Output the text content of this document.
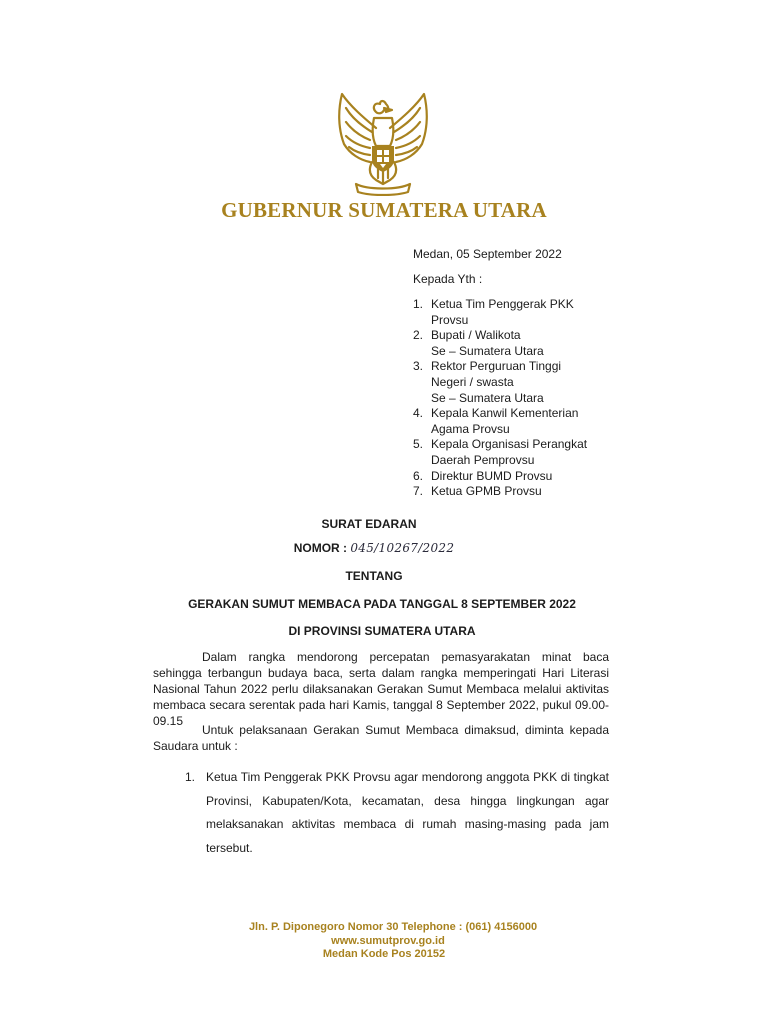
GUBERNUR SUMATERA UTARA
Medan, 05 September 2022
Kepada Yth :
1. Ketua Tim Penggerak PKK
Provsu
2. Bupati / Walikota
Se – Sumatera Utara
3. Rektor Perguruan Tinggi
Negeri / swasta
Se – Sumatera Utara
4. Kepala Kanwil Kementerian
Agama Provsu
5. Kepala Organisasi Perangkat
Daerah Pemprovsu
6. Direktur BUMD Provsu
7. Ketua GPMB Provsu
SURAT EDARAN
NOMOR : 045/10267/2022
TENTANG
GERAKAN SUMUT MEMBACA PADA TANGGAL 8 SEPTEMBER 2022
DI PROVINSI SUMATERA UTARA

Dalam rangka mendorong percepatan pemasyarakatan minat baca sehingga terbangun budaya baca, serta dalam rangka memperingati Hari Literasi Nasional Tahun 2022 perlu dilaksanakan Gerakan Sumut Membaca melalui aktivitas membaca secara serentak pada hari Kamis, tanggal 8 September 2022, pukul 09.00-09.15

Untuk pelaksanaan Gerakan Sumut Membaca dimaksud, diminta kepada Saudara untuk :

1. Ketua Tim Penggerak PKK Provsu agar mendorong anggota PKK di tingkat Provinsi, Kabupaten/Kota, kecamatan, desa hingga lingkungan agar melaksanakan aktivitas membaca di rumah masing-masing pada jam tersebut.
Jln. P. Diponegoro Nomor 30 Telephone : (061) 4156000
www.sumutprov.go.id
Medan Kode Pos 20152
